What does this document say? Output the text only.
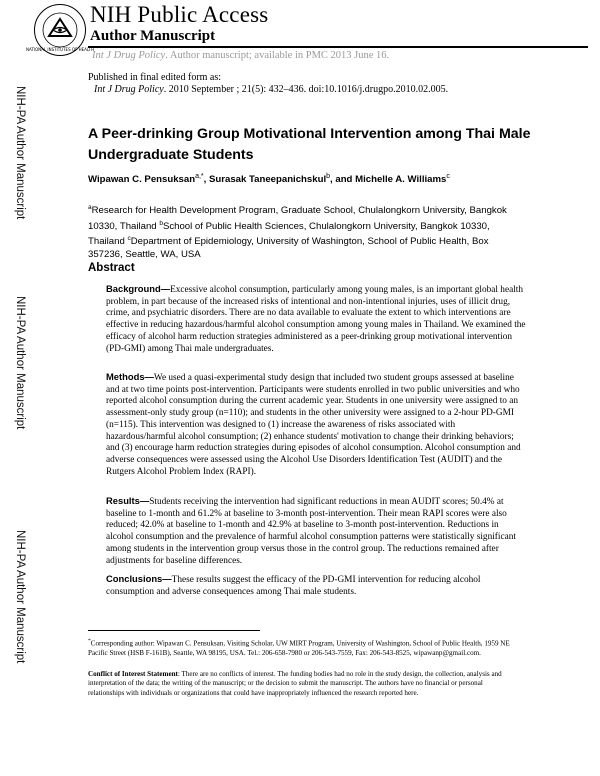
NATIONAL INSTITUTES OF HEALTH
NIH Public Access
Author Manuscript
Int J Drug Policy. Author manuscript; available in PMC 2013 June 16.
Published in final edited form as:
Int J Drug Policy. 2010 September ; 21(5): 432–436. doi:10.1016/j.drugpo.2010.02.005.
NIH-PA Author Manuscript
NIH-PA Author Manuscript
NIH-PA Author Manuscript
A Peer-drinking Group Motivational Intervention among Thai Male Undergraduate Students
Wipawan C. Pensuksan$^{a,*}$, Surasak Taneepanichskul$^b$, and Michelle A. Williams$^c$
$^a$Research for Health Development Program, Graduate School, Chulalongkorn University, Bangkok 10330, Thailand $^b$School of Public Health Sciences, Chulalongkorn University, Bangkok 10330, Thailand $^c$Department of Epidemiology, University of Washington, School of Public Health, Box 357236, Seattle, WA, USA
Abstract
Background—Excessive alcohol consumption, particularly among young males, is an important global health problem, in part because of the increased risks of intentional and non-intentional injuries, uses of illicit drug, crime, and psychiatric disorders. There are no data available to evaluate the extent to which interventions are effective in reducing hazardous/harmful alcohol consumption among young males in Thailand. We examined the efficacy of alcohol harm reduction strategies administered as a peer-drinking group motivational intervention (PD-GMI) among Thai male undergraduates.
Methods—We used a quasi-experimental study design that included two student groups assessed at baseline and at two time points post-intervention. Participants were students enrolled in two public universities and who reported alcohol consumption during the current academic year. Students in one university were assigned to an assessment-only study group (n=110); and students in the other university were assigned to a 2-hour PD-GMI (n=115). This intervention was designed to (1) increase the awareness of risks associated with hazardous/harmful alcohol consumption; (2) enhance students' motivation to change their drinking behaviors; and (3) encourage harm reduction strategies during episodes of alcohol consumption. Alcohol consumption and adverse consequences were assessed using the Alcohol Use Disorders Identification Test (AUDIT) and the Rutgers Alcohol Problem Index (RAPI).
Results—Students receiving the intervention had significant reductions in mean AUDIT scores; 50.4% at baseline to 1-month and 61.2% at baseline to 3-month post-intervention. Their mean RAPI scores were also reduced; 42.0% at baseline to 1-month and 42.9% at baseline to 3-month post-intervention. Reductions in alcohol consumption and the prevalence of harmful alcohol consumption patterns were statistically significant among students in the intervention group versus those in the control group. The reductions remained after adjustments for baseline differences.
Conclusions—These results suggest the efficacy of the PD-GMI intervention for reducing alcohol consumption and adverse consequences among Thai male students.
*Corresponding author: Wipawan C. Pensuksan, Visiting Scholar, UW MIRT Program, University of Washington, School of Public Health, 1959 NE Pacific Street (HSB F-161B), Seattle, WA 98195, USA. Tel.: 206-658-7980 or 206-543-7559, Fax: 206-543-8525, wipawanp@gmail.com.
Conflict of Interest Statement: There are no conflicts of interest. The funding bodies had no role in the study design, the collection, analysis and interpretation of the data; the writing of the manuscript; or the decision to submit the manuscript. The authors have no financial or personal relationships with individuals or organizations that could have inappropriately influenced the research reported here.
